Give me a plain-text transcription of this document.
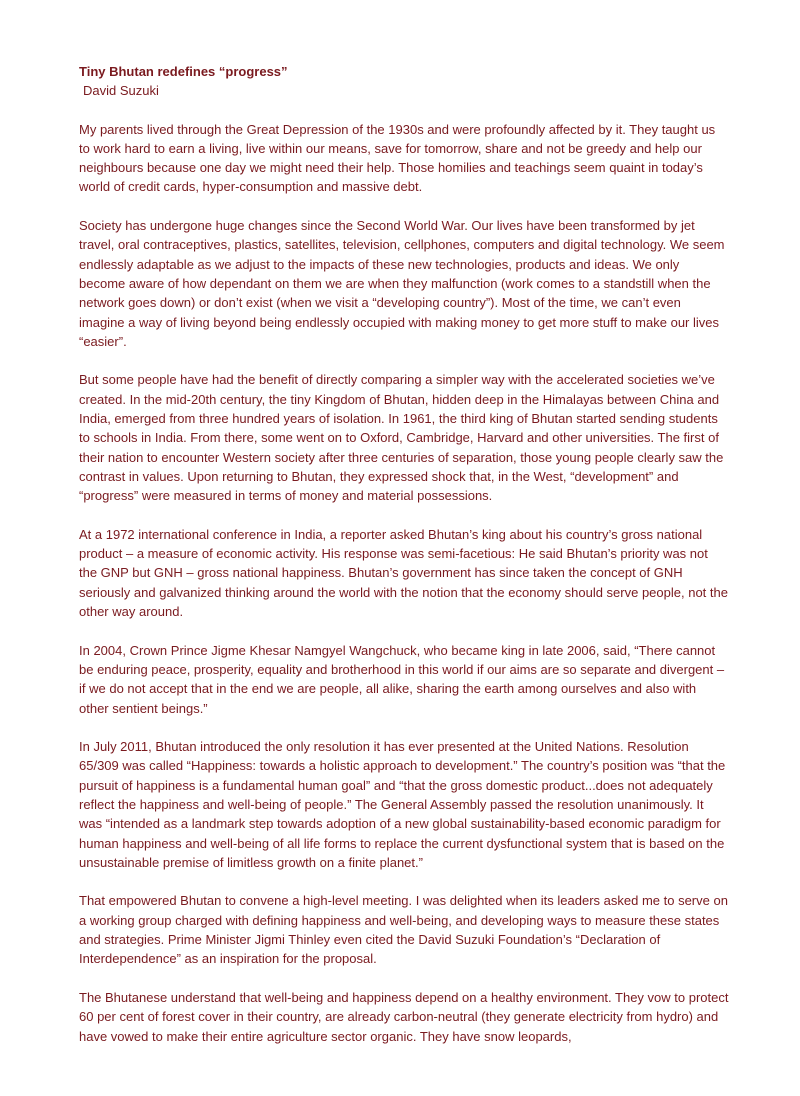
Tiny Bhutan redefines “progress”

David Suzuki

My parents lived through the Great Depression of the 1930s and were profoundly affected by it. They taught us to work hard to earn a living, live within our means, save for tomorrow, share and not be greedy and help our neighbours because one day we might need their help. Those homilies and teachings seem quaint in today’s world of credit cards, hyper-consumption and massive debt.

Society has undergone huge changes since the Second World War. Our lives have been transformed by jet travel, oral contraceptives, plastics, satellites, television, cellphones, computers and digital technology. We seem endlessly adaptable as we adjust to the impacts of these new technologies, products and ideas. We only become aware of how dependant on them we are when they malfunction (work comes to a standstill when the network goes down) or don’t exist (when we visit a “developing country”). Most of the time, we can’t even imagine a way of living beyond being endlessly occupied with making money to get more stuff to make our lives “easier”.

But some people have had the benefit of directly comparing a simpler way with the accelerated societies we’ve created. In the mid-20th century, the tiny Kingdom of Bhutan, hidden deep in the Himalayas between China and India, emerged from three hundred years of isolation. In 1961, the third king of Bhutan started sending students to schools in India. From there, some went on to Oxford, Cambridge, Harvard and other universities. The first of their nation to encounter Western society after three centuries of separation, those young people clearly saw the contrast in values. Upon returning to Bhutan, they expressed shock that, in the West, “development” and “progress” were measured in terms of money and material possessions.

At a 1972 international conference in India, a reporter asked Bhutan’s king about his country’s gross national product – a measure of economic activity. His response was semi-facetious: He said Bhutan’s priority was not the GNP but GNH – gross national happiness. Bhutan’s government has since taken the concept of GNH seriously and galvanized thinking around the world with the notion that the economy should serve people, not the other way around.

In 2004, Crown Prince Jigme Khesar Namgyel Wangchuck, who became king in late 2006, said, “There cannot be enduring peace, prosperity, equality and brotherhood in this world if our aims are so separate and divergent – if we do not accept that in the end we are people, all alike, sharing the earth among ourselves and also with other sentient beings.”

In July 2011, Bhutan introduced the only resolution it has ever presented at the United Nations. Resolution 65/309 was called “Happiness: towards a holistic approach to development.” The country’s position was “that the pursuit of happiness is a fundamental human goal” and “that the gross domestic product...does not adequately reflect the happiness and well-being of people.” The General Assembly passed the resolution unanimously. It was “intended as a landmark step towards adoption of a new global sustainability-based economic paradigm for human happiness and well-being of all life forms to replace the current dysfunctional system that is based on the unsustainable premise of limitless growth on a finite planet.”

That empowered Bhutan to convene a high-level meeting. I was delighted when its leaders asked me to serve on a working group charged with defining happiness and well-being, and developing ways to measure these states and strategies. Prime Minister Jigmi Thinley even cited the David Suzuki Foundation’s “Declaration of Interdependence” as an inspiration for the proposal.

The Bhutanese understand that well-being and happiness depend on a healthy environment. They vow to protect 60 per cent of forest cover in their country, are already carbon-neutral (they generate electricity from hydro) and have vowed to make their entire agriculture sector organic. They have snow leopards,
